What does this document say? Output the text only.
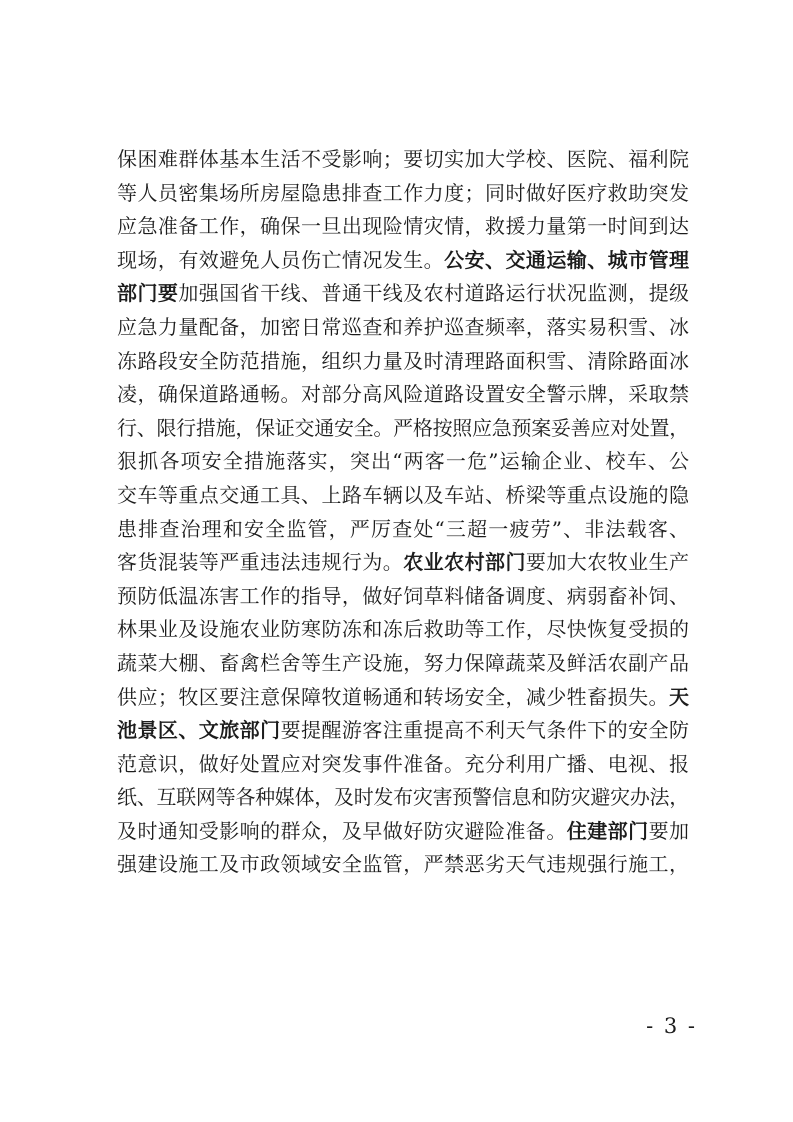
保困难群体基本生活不受影响；要切实加大学校、医院、福利院
等人员密集场所房屋隐患排查工作力度；同时做好医疗救助突发
应急准备工作，确保一旦出现险情灾情，救援力量第一时间到达
现场，有效避免人员伤亡情况发生。公安、交通运输、城市管理
部门要加强国省干线、普通干线及农村道路运行状况监测，提级
应急力量配备，加密日常巡查和养护巡查频率，落实易积雪、冰
冻路段安全防范措施，组织力量及时清理路面积雪、清除路面冰
凌，确保道路通畅。对部分高风险道路设置安全警示牌，采取禁
行、限行措施，保证交通安全。严格按照应急预案妥善应对处置，
狠抓各项安全措施落实，突出“两客一危”运输企业、校车、公
交车等重点交通工具、上路车辆以及车站、桥梁等重点设施的隐
患排查治理和安全监管，严厉查处“三超一疲劳”、非法载客、
客货混装等严重违法违规行为。农业农村部门要加大农牧业生产
预防低温冻害工作的指导，做好饲草料储备调度、病弱畜补饲、
林果业及设施农业防寒防冻和冻后救助等工作，尽快恢复受损的
蔬菜大棚、畜禽栏舍等生产设施，努力保障蔬菜及鲜活农副产品
供应；牧区要注意保障牧道畅通和转场安全，减少牲畜损失。天
池景区、文旅部门要提醒游客注重提高不利天气条件下的安全防
范意识，做好处置应对突发事件准备。充分利用广播、电视、报
纸、互联网等各种媒体，及时发布灾害预警信息和防灾避灾办法，
及时通知受影响的群众，及早做好防灾避险准备。住建部门要加
强建设施工及市政领域安全监管，严禁恶劣天气违规强行施工，
- 3 -
